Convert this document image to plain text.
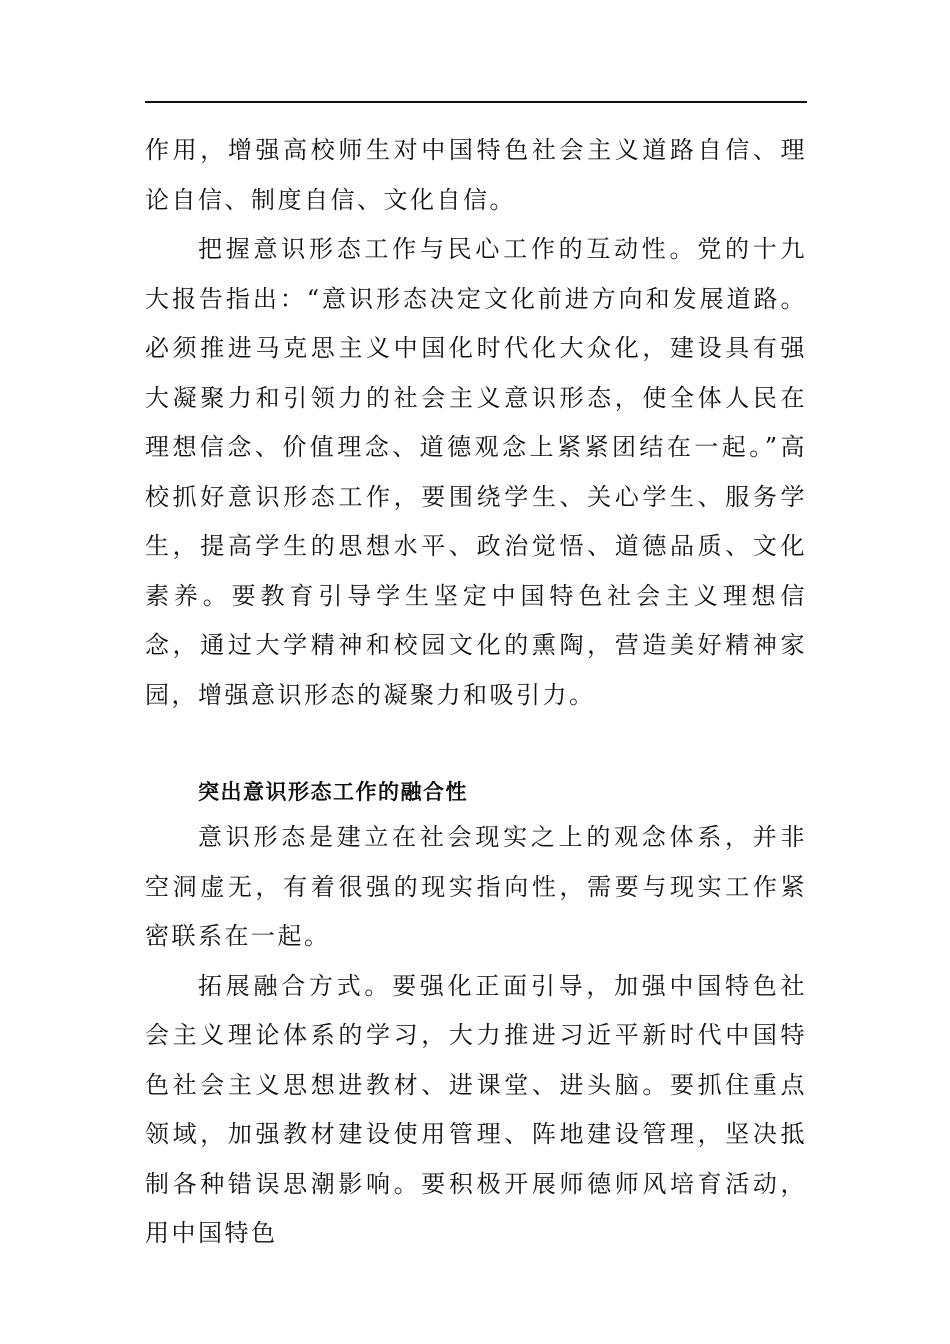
作用，增强高校师生对中国特色社会主义道路自信、理论自信、制度自信、文化自信。

把握意识形态工作与民心工作的互动性。党的十九大报告指出：“意识形态决定文化前进方向和发展道路。必须推进马克思主义中国化时代化大众化，建设具有强大凝聚力和引领力的社会主义意识形态，使全体人民在理想信念、价值理念、道德观念上紧紧团结在一起。”高校抓好意识形态工作，要围绕学生、关心学生、服务学生，提高学生的思想水平、政治觉悟、道德品质、文化素养。要教育引导学生坚定中国特色社会主义理想信念，通过大学精神和校园文化的熏陶，营造美好精神家园，增强意识形态的凝聚力和吸引力。

突出意识形态工作的融合性

意识形态是建立在社会现实之上的观念体系，并非空洞虚无，有着很强的现实指向性，需要与现实工作紧密联系在一起。

拓展融合方式。要强化正面引导，加强中国特色社会主义理论体系的学习，大力推进习近平新时代中国特色社会主义思想进教材、进课堂、进头脑。要抓住重点领域，加强教材建设使用管理、阵地建设管理，坚决抵制各种错误思潮影响。要积极开展师德师风培育活动，用中国特色
